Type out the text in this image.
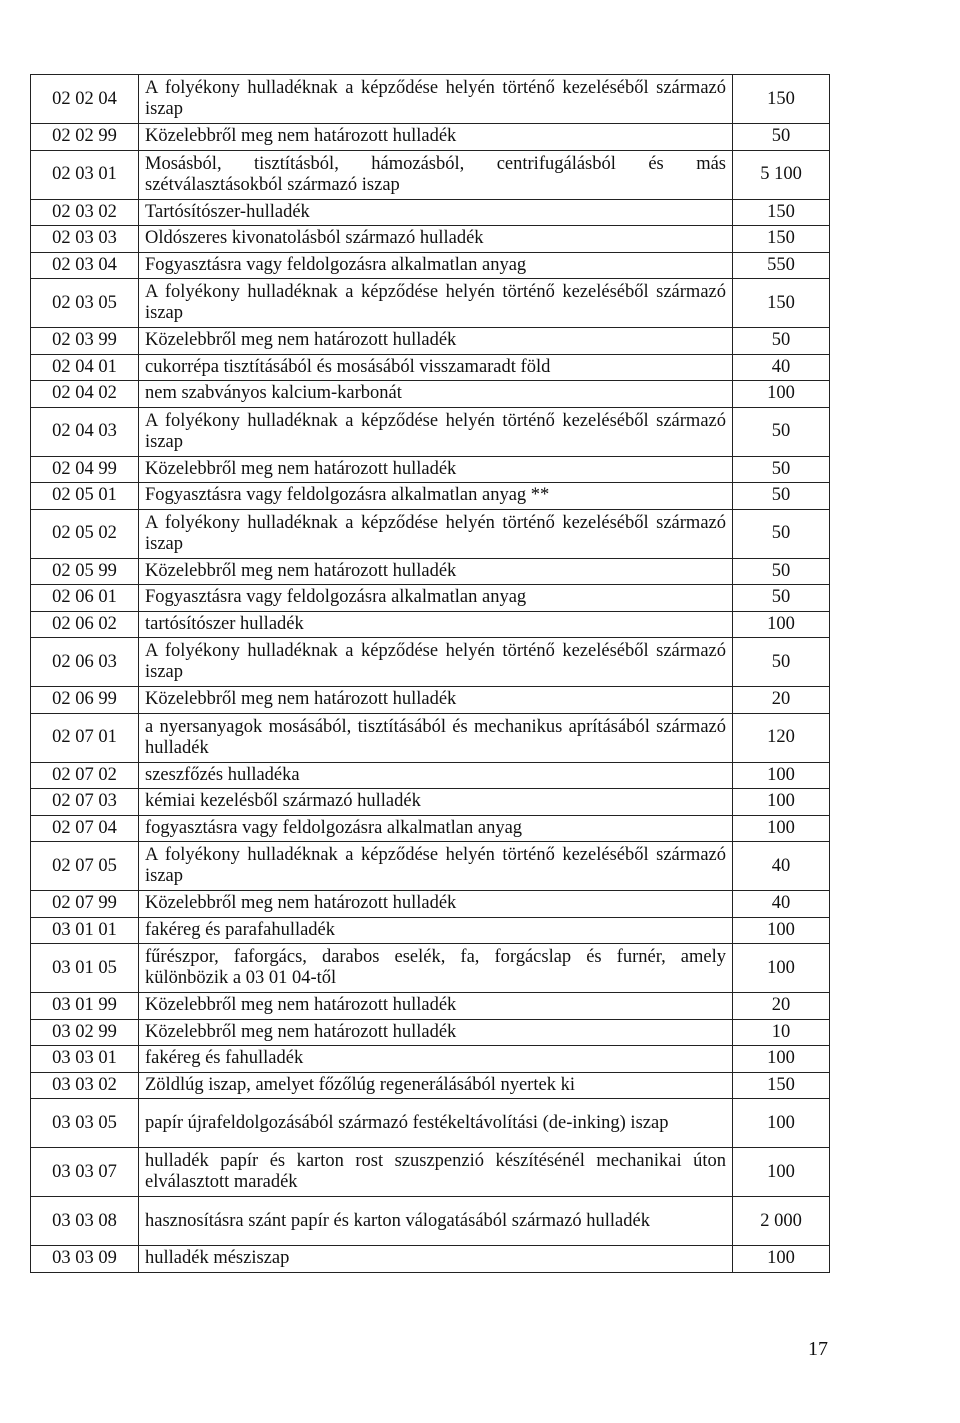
02 02 04	A folyékony hulladéknak a képződése helyén történő kezeléséből származó iszap	150
02 02 99	Közelebbről meg nem határozott hulladék	50
02 03 01	Mosásból, tisztításból, hámozásból, centrifugálásból és más szétválasztásokból származó iszap	5 100
02 03 02	Tartósítószer-hulladék	150
02 03 03	Oldószeres kivonatolásból származó hulladék	150
02 03 04	Fogyasztásra vagy feldolgozásra alkalmatlan anyag	550
02 03 05	A folyékony hulladéknak a képződése helyén történő kezeléséből származó iszap	150
02 03 99	Közelebbről meg nem határozott hulladék	50
02 04 01	cukorrépa tisztításából és mosásából visszamaradt föld	40
02 04 02	nem szabványos kalcium-karbonát	100
02 04 03	A folyékony hulladéknak a képződése helyén történő kezeléséből származó iszap	50
02 04 99	Közelebbről meg nem határozott hulladék	50
02 05 01	Fogyasztásra vagy feldolgozásra alkalmatlan anyag **	50
02 05 02	A folyékony hulladéknak a képződése helyén történő kezeléséből származó iszap	50
02 05 99	Közelebbről meg nem határozott hulladék	50
02 06 01	Fogyasztásra vagy feldolgozásra alkalmatlan anyag	50
02 06 02	tartósítószer hulladék	100
02 06 03	A folyékony hulladéknak a képződése helyén történő kezeléséből származó iszap	50
02 06 99	Közelebbről meg nem határozott hulladék	20
02 07 01	a nyersanyagok mosásából, tisztításából és mechanikus aprításából származó hulladék	120
02 07 02	szeszfőzés hulladéka	100
02 07 03	kémiai kezelésből származó hulladék	100
02 07 04	fogyasztásra vagy feldolgozásra alkalmatlan anyag	100
02 07 05	A folyékony hulladéknak a képződése helyén történő kezeléséből származó iszap	40
02 07 99	Közelebbről meg nem határozott hulladék	40
03 01 01	fakéreg és parafahulladék	100
03 01 05	fűrészpor, faforgács, darabos eselék, fa, forgácslap és furnér, amely különbözik a 03 01 04-től	100
03 01 99	Közelebbről meg nem határozott hulladék	20
03 02 99	Közelebbről meg nem határozott hulladék	10
03 03 01	fakéreg és fahulladék	100
03 03 02	Zöldlúg iszap, amelyet főzőlúg regenerálásából nyertek ki	150
03 03 05	papír újrafeldolgozásából származó festékeltávolítási (de-inking) iszap	100
03 03 07	hulladék papír és karton rost szuszpenzió készítésénél mechanikai úton elválasztott maradék	100
03 03 08	hasznosításra szánt papír és karton válogatásából származó hulladék	2 000
03 03 09	hulladék mésziszap	100
17
